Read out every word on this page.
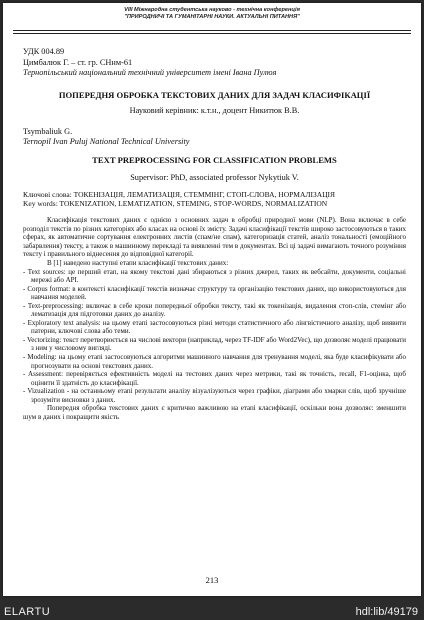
VIII Міжнародна студентська науково - технічна конференція
"ПРИРОДНИЧІ ТА ГУМАНІТАРНІ НАУКИ. АКТУАЛЬНІ ПИТАННЯ"

УДК 004.89

Цимбалюк Г. – ст. гр. СНнм-61

Тернопільський національний технічний університет імені Івана Пулюя

ПОПЕРЕДНЯ ОБРОБКА ТЕКСТОВИХ ДАНИХ ДЛЯ ЗАДАЧ КЛАСИФІКАЦІЇ

Науковий керівник: к.т.н., доцент Никитюк В.В.

Tsymbaliuk G.

Ternopil Ivan Puluj National Technical University

TEXT PREPROCESSING FOR CLASSIFICATION PROBLEMS

Supervisor: PhD, associated professor Nykytiuk V.

Ключові слова: ТОКЕНІЗАЦІЯ, ЛЕМАТИЗАЦІЯ, СТЕММІНГ, СТОП-СЛОВА, НОРМАЛІЗАЦІЯ

Key words: TOKENIZATION, LEMATIZATION, STEMING, STOP-WORDS, NORMALIZATION

Класифікація текстових даних є однією з основних задач в обробці природної мови (NLP). Вона включає в себе розподіл текстів по різних категоріях або класах на основі їх змісту. Задачі класифікації текстів широко застосовуються в таких сферах, як автоматичне сортування електронних листів (спам/не спам), категоризація статей, аналіз тональності (емоційного забарвлення) тексту, а також в машинному перекладі та виявленні тем в документах. Всі ці задачі вимагають точного розуміння тексту і правильного віднесення до відповідної категорії.

В [1] наведено наступні етапи класифікації текстових даних:

- Text sources: це перший етап, на якому текстові дані збираються з різних джерел, таких як вебсайти, документи, соціальні мережі або API.
- Corpus format: в контексті класифікації текстів визначає структуру та організацію текстових даних, що використовуються для навчання моделей.
- Text-preprocessing: включає в себе кроки попередньої обробки тексту, такі як токенізація, видалення стоп-слів, стемінг або лематизація для підготовки даних до аналізу.
- Exploratory text analysis: на цьому етапі застосовуються різні методи статистичного або лінгвістичного аналізу, щоб виявити патерни, ключові слова або теми.
- Vectorizing: текст перетворюється на числові вектори (наприклад, через TF-IDF або Word2Vec), що дозволяє моделі працювати з ним у числовому вигляді.
- Modeling: на цьому етапі застосовуються алгоритми машинного навчання для тренування моделі, яка буде класифікувати або прогнозувати на основі текстових даних.
- Assessment: перевіряється ефективність моделі на тестових даних через метрики, такі як точність, recall, F1-оцінка, щоб оцінити її здатність до класифікації.
- Vizualization - на останньому етапі результати аналізу візуалізуються через графіки, діаграми або хмарки слів, щоб зручніше зрозуміти висновки з даних.

Попередня обробка текстових даних є критично важливою на етапі класифікації, оскільки вона дозволяє: зменшити шум в даних і покращити якість

213
ELARTU	hdl:lib/49179
